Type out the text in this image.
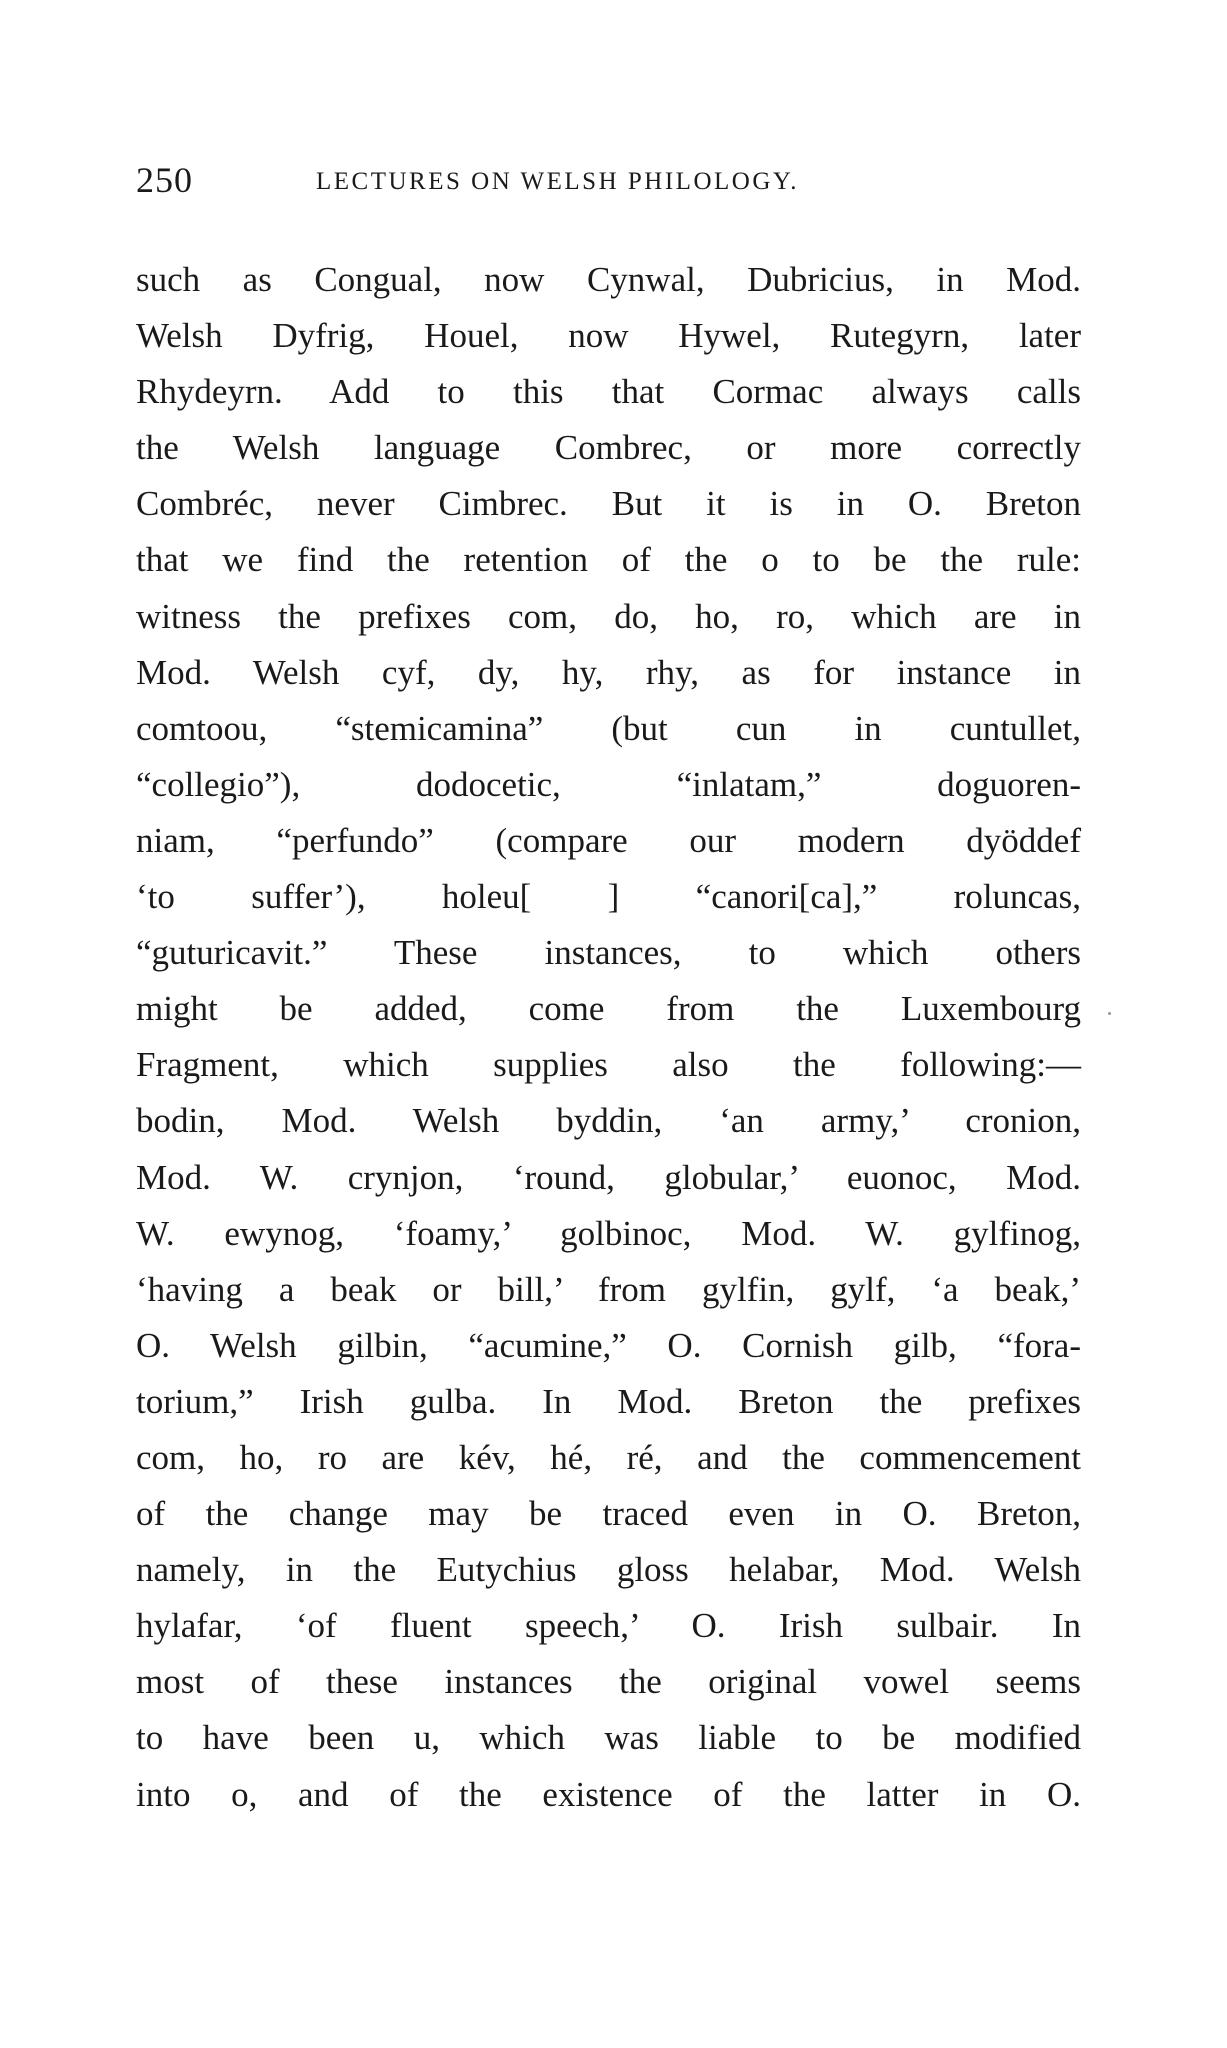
250	LECTURES ON WELSH PHILOLOGY.
such as Congual, now Cynwal, Dubricius, in Mod.
Welsh Dyfrig, Houel, now Hywel, Rutegyrn, later
Rhydeyrn. Add to this that Cormac always calls
the Welsh language Combrec, or more correctly
Combréc, never Cimbrec. But it is in O. Breton
that we find the retention of the o to be the rule:
witness the prefixes com, do, ho, ro, which are in
Mod. Welsh cyf, dy, hy, rhy, as for instance in
comtoou, “stemicamina” (but cun in cuntullet,
“collegio”), dodocetic, “inlatam,” doguoren-
niam, “perfundo” (compare our modern dyöddef
‘to suffer’), holeu[ ] “canori[ca],” roluncas,
“guturicavit.” These instances, to which others
might be added, come from the Luxembourg
Fragment, which supplies also the following:—
bodin, Mod. Welsh byddin, ‘an army,’ cronion,
Mod. W. crynjon, ‘round, globular,’ euonoc, Mod.
W. ewynog, ‘foamy,’ golbinoc, Mod. W. gylfinog,
‘having a beak or bill,’ from gylfin, gylf, ‘a beak,’
O. Welsh gilbin, “acumine,” O. Cornish gilb, “fora-
torium,” Irish gulba. In Mod. Breton the prefixes
com, ho, ro are kév, hé, ré, and the commencement
of the change may be traced even in O. Breton,
namely, in the Eutychius gloss helabar, Mod. Welsh
hylafar, ‘of fluent speech,’ O. Irish sulbair. In
most of these instances the original vowel seems
to have been u, which was liable to be modified
into o, and of the existence of the latter in O.
